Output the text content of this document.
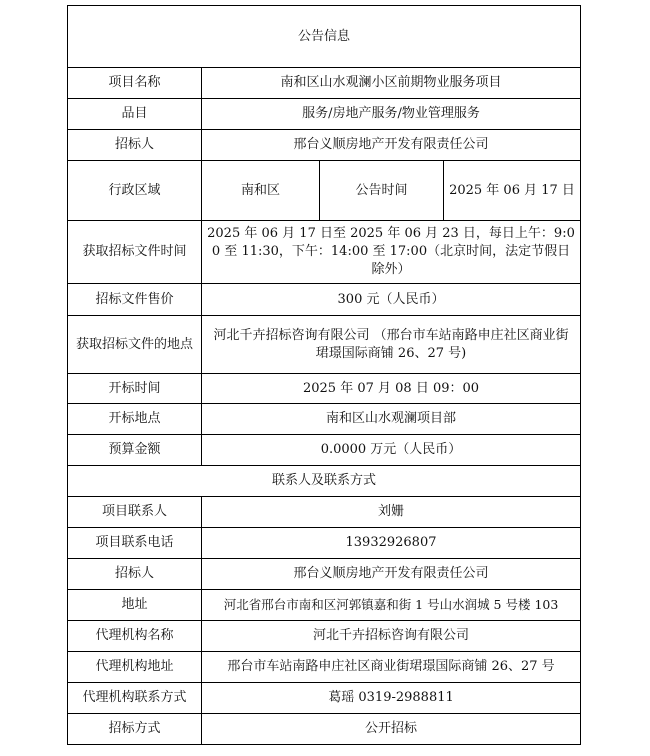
公告信息			
项目名称	南和区山水观澜小区前期物业服务项目		
品目	服务/房地产服务/物业管理服务		
招标人	邢台义顺房地产开发有限责任公司		
行政区域	南和区	公告时间	2025 年 06 月 17 日
获取招标文件时间	2025 年 06 月 17 日至 2025 年 06 月 23 日，每日上午：9:00 至 11:30，下午：14:00 至 17:00（北京时间，法定节假日除外）		
招标文件售价	300 元（人民币）		
获取招标文件的地点	河北千卉招标咨询有限公司 （邢台市车站南路申庄社区商业街珺璟国际商铺 26、27 号)		
开标时间	2025 年 07 月 08 日 09：00		
开标地点	南和区山水观澜项目部		
预算金额	0.0000 万元（人民币）		
联系人及联系方式			
项目联系人	刘姗		
项目联系电话	13932926807		
招标人	邢台义顺房地产开发有限责任公司		
地址	河北省邢台市南和区河郭镇嘉和街 1 号山水润城 5 号楼 103		
代理机构名称	河北千卉招标咨询有限公司		
代理机构地址	邢台市车站南路申庄社区商业街珺璟国际商铺 26、27 号		
代理机构联系方式	葛瑶 0319-2988811		
招标方式	公开招标		
